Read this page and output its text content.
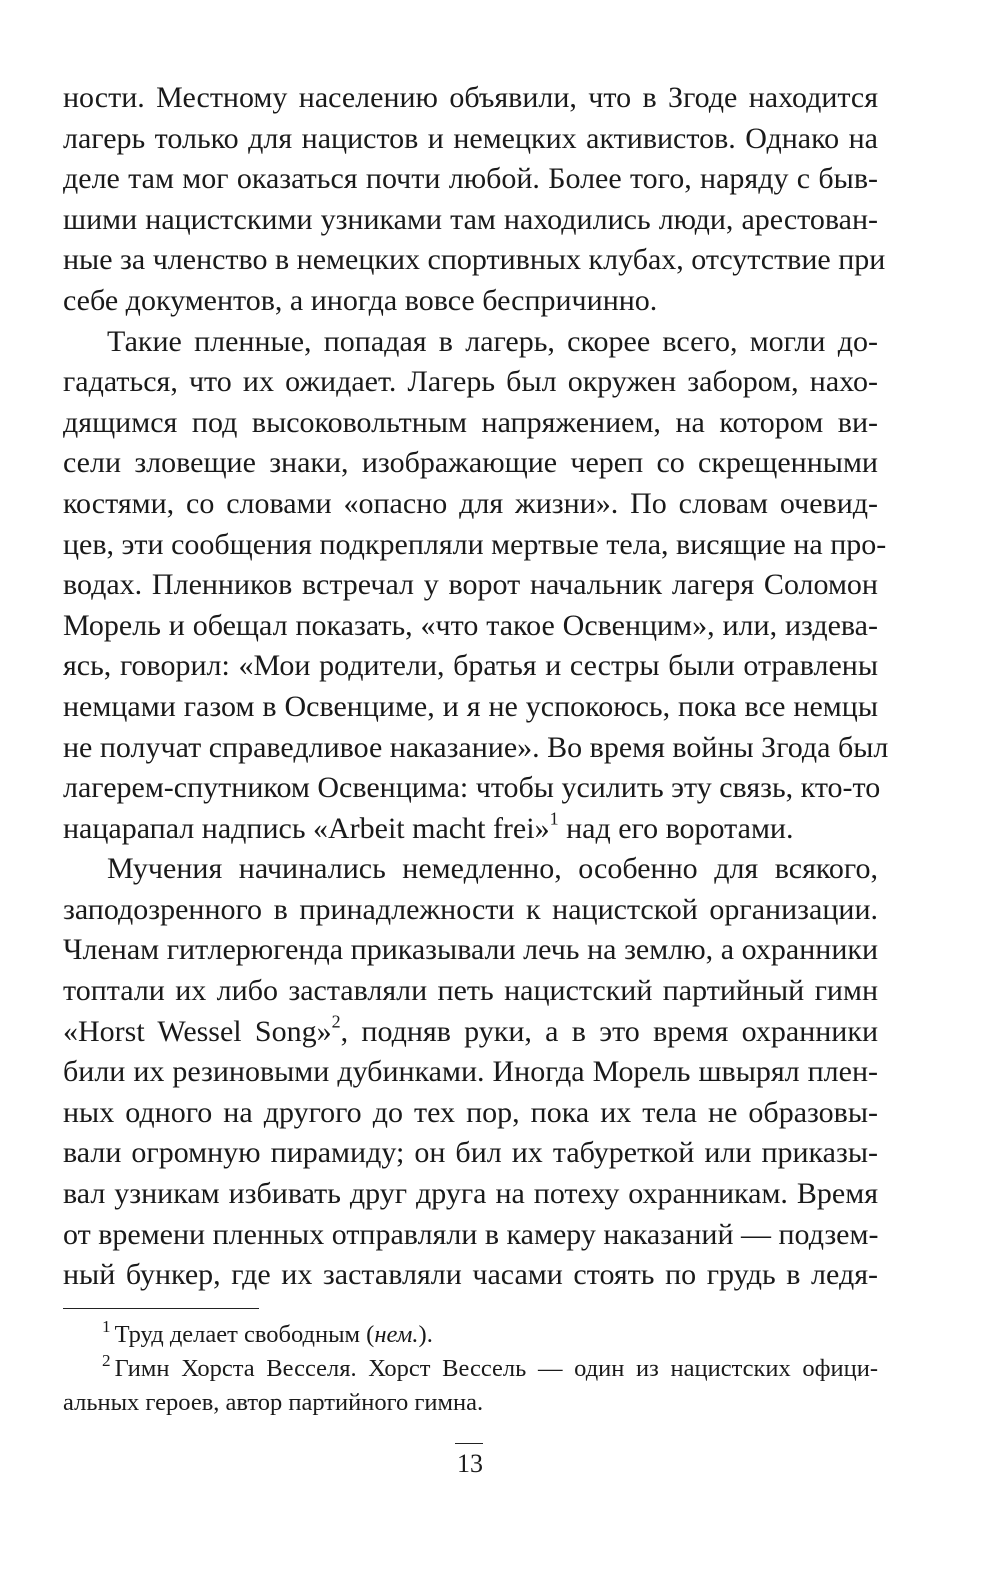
ности. Местному населению объявили, что в Згоде находится
лагерь только для нацистов и немецких активистов. Однако на
деле там мог оказаться почти любой. Более того, наряду с быв-
шими нацистскими узниками там находились люди, арестован-
ные за членство в немецких спортивных клубах, отсутствие при
себе документов, а иногда вовсе беспричинно.
Такие пленные, попадая в лагерь, скорее всего, могли до-
гадаться, что их ожидает. Лагерь был окружен забором, нахо-
дящимся под высоковольтным напряжением, на котором ви-
сели зловещие знаки, изображающие череп со скрещенными
костями, со словами «опасно для жизни». По словам очевид-
цев, эти сообщения подкрепляли мертвые тела, висящие на про-
водах. Пленников встречал у ворот начальник лагеря Соломон
Морель и обещал показать, «что такое Освенцим», или, издева-
ясь, говорил: «Мои родители, братья и сестры были отравлены
немцами газом в Освенциме, и я не успокоюсь, пока все немцы
не получат справедливое наказание». Во время войны Згода был
лагерем-спутником Освенцима: чтобы усилить эту связь, кто-то
нацарапал надпись «Arbeit macht frei»$^1$ над его воротами.
Мучения начинались немедленно, особенно для всякого,
заподозренного в принадлежности к нацистской организации.
Членам гитлерюгенда приказывали лечь на землю, а охранники
топтали их либо заставляли петь нацистский партийный гимн
«Horst Wessel Song»$^2$, подняв руки, а в это время охранники
били их резиновыми дубинками. Иногда Морель швырял плен-
ных одного на другого до тех пор, пока их тела не образовы-
вали огромную пирамиду; он бил их табуреткой или приказы-
вал узникам избивать друг друга на потеху охранникам. Время
от времени пленных отправляли в камеру наказаний — подзем-
ный бункер, где их заставляли часами стоять по грудь в ледя-
$^1$ Труд делает свободным (нем.).
$^2$ Гимн Хорста Весселя. Хорст Вессель — один из нацистских офици-
альных героев, автор партийного гимна.
13
